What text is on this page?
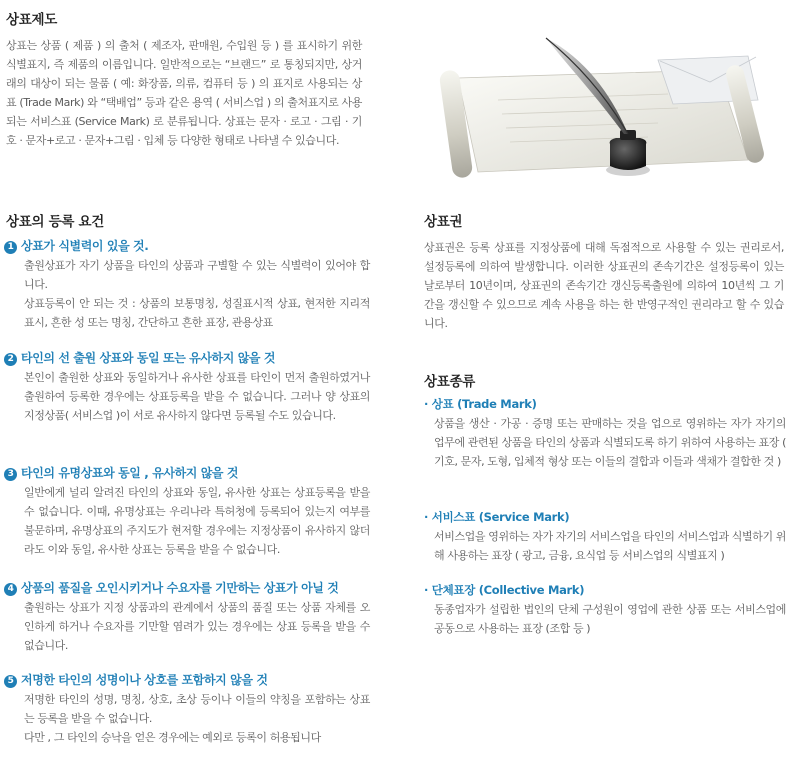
상표제도

상표는 상품 ( 제품 ) 의 출처 ( 제조자, 판매원, 수입원 등 ) 를 표시하기 위한 식별표지, 즉 제품의 이름입니다. 일반적으로는 “브랜드” 로 통칭되지만, 상거래의 대상이 되는 물품 ( 예: 화장품, 의류, 컴퓨터 등 ) 의 표지로 사용되는 상표 (Trade Mark) 와 “택배업” 등과 같은 용역 ( 서비스업 ) 의 출처표지로 사용되는 서비스표 (Service Mark) 로 분류됩니다. 상표는 문자 · 로고 · 그림 · 기호 · 문자+로고 · 문자+그림 · 입체 등 다양한 형태로 나타낼 수 있습니다.

상표의 등록 요건

1 상표가 식별력이 있을 것.

출원상표가 자기 상품을 타인의 상품과 구별할 수 있는 식별력이 있어야 합니다.

상표등록이 안 되는 것 : 상품의 보통명칭, 성질표시적 상표, 현저한 지리적 표시, 흔한 성 또는 명칭, 간단하고 흔한 표장, 관용상표

2 타인의 선 출원 상표와 동일 또는 유사하지 않을 것

본인이 출원한 상표와 동일하거나 유사한 상표를 타인이 먼저 출원하였거나 출원하여 등록한 경우에는 상표등록을 받을 수 없습니다. 그러나 양 상표의 지정상품( 서비스업 )이 서로 유사하지 않다면 등록될 수도 있습니다.

3 타인의 유명상표와 동일 , 유사하지 않을 것

일반에게 널리 알려진 타인의 상표와 동일, 유사한 상표는 상표등록을 받을 수 없습니다. 이때, 유명상표는 우리나라 특허청에 등록되어 있는지 여부를 불문하며, 유명상표의 주지도가 현저할 경우에는 지정상품이 유사하지 않더라도 이와 동일, 유사한 상표는 등록을 받을 수 없습니다.

4 상품의 품질을 오인시키거나 수요자를 기만하는 상표가 아닐 것

출원하는 상표가 지정 상품과의 관계에서 상품의 품질 또는 상품 자체를 오인하게 하거나 수요자를 기만할 염려가 있는 경우에는 상표 등록을 받을 수 없습니다.

5 저명한 타인의 성명이나 상호를 포함하지 않을 것

저명한 타인의 성명, 명칭, 상호, 초상 등이나 이들의 약칭을 포함하는 상표는 등록을 받을 수 없습니다.

다만 , 그 타인의 승낙을 얻은 경우에는 예외로 등록이 허용됩니다

상표권

상표권은 등록 상표를 지정상품에 대해 독점적으로 사용할 수 있는 권리로서, 설정등록에 의하여 발생합니다. 이러한 상표권의 존속기간은 설정등록이 있는 날로부터 10년이며, 상표권의 존속기간 갱신등록출원에 의하여 10년씩 그 기간을 갱신할 수 있으므로 계속 사용을 하는 한 반영구적인 권리라고 할 수 있습니다.

상표종류

· 상표 (Trade Mark)

상품을 생산 · 가공 · 증명 또는 판매하는 것을 업으로 영위하는 자가 자기의 업무에 관련된 상품을 타인의 상품과 식별되도록 하기 위하여 사용하는 표장 ( 기호, 문자, 도형, 입체적 형상 또는 이들의 결합과 이들과 색채가 결합한 것 )

· 서비스표 (Service Mark)

서비스업을 영위하는 자가 자기의 서비스업을 타인의 서비스업과 식별하기 위해 사용하는 표장 ( 광고, 금융, 요식업 등 서비스업의 식별표지 )

· 단체표장 (Collective Mark)

동종업자가 설립한 법인의 단체 구성원이 영업에 관한 상품 또는 서비스업에 공동으로 사용하는 표장 (조합 등 )
